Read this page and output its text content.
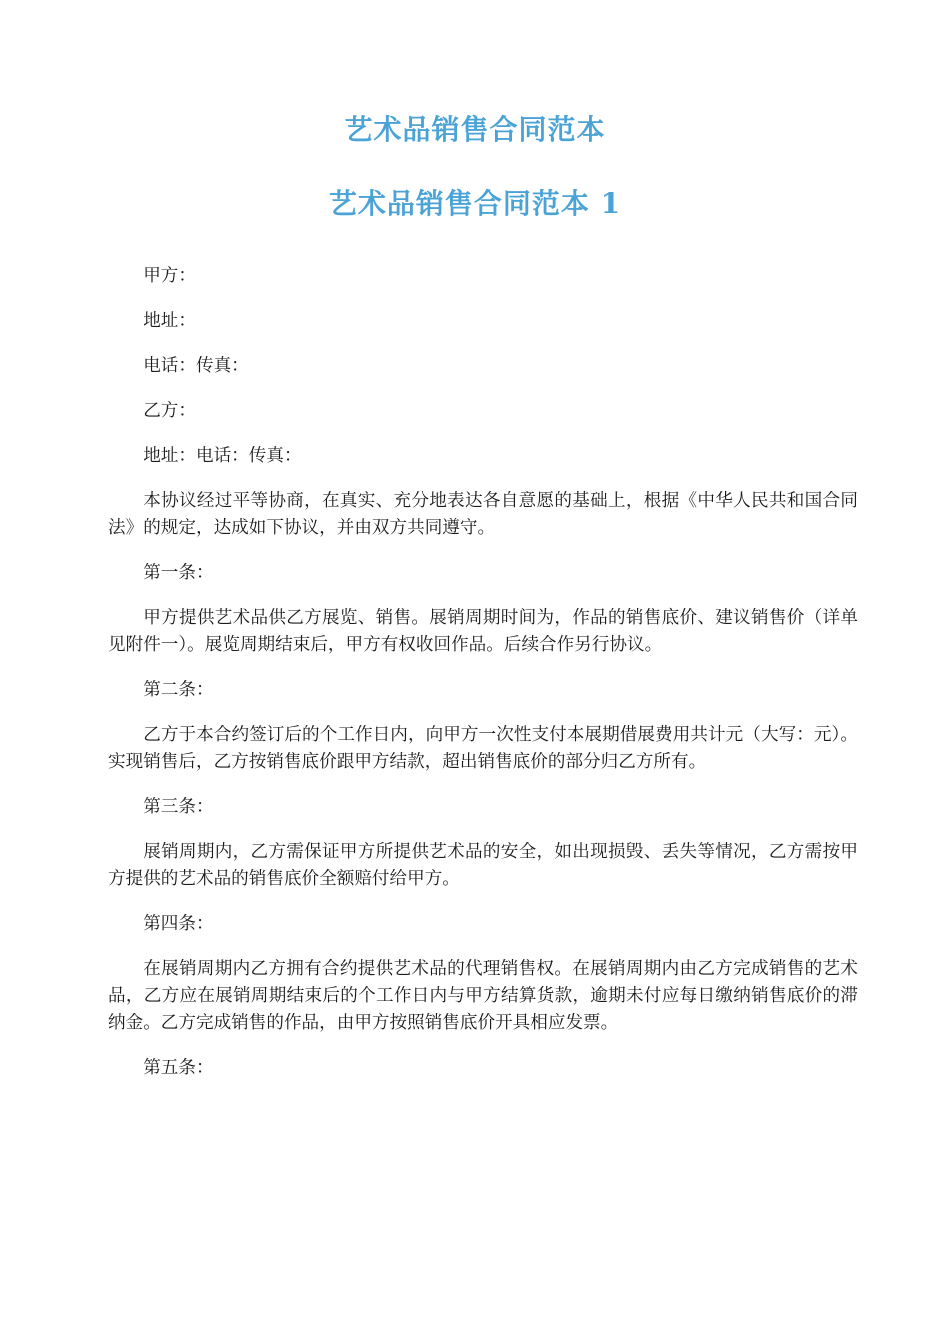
艺术品销售合同范本
艺术品销售合同范本 1

甲方：

地址：

电话：传真：

乙方：

地址：电话：传真：

本协议经过平等协商，在真实、充分地表达各自意愿的基础上，根据《中华人民共和国合同法》的规定，达成如下协议，并由双方共同遵守。

第一条：

甲方提供艺术品供乙方展览、销售。展销周期时间为，作品的销售底价、建议销售价（详单见附件一）。展览周期结束后，甲方有权收回作品。后续合作另行协议。

第二条：

乙方于本合约签订后的个工作日内，向甲方一次性支付本展期借展费用共计元（大写：元）。实现销售后，乙方按销售底价跟甲方结款，超出销售底价的部分归乙方所有。

第三条：

展销周期内，乙方需保证甲方所提供艺术品的安全，如出现损毁、丢失等情况，乙方需按甲方提供的艺术品的销售底价全额赔付给甲方。

第四条：

在展销周期内乙方拥有合约提供艺术品的代理销售权。在展销周期内由乙方完成销售的艺术品，乙方应在展销周期结束后的个工作日内与甲方结算货款，逾期未付应每日缴纳销售底价的滞纳金。乙方完成销售的作品，由甲方按照销售底价开具相应发票。

第五条：
